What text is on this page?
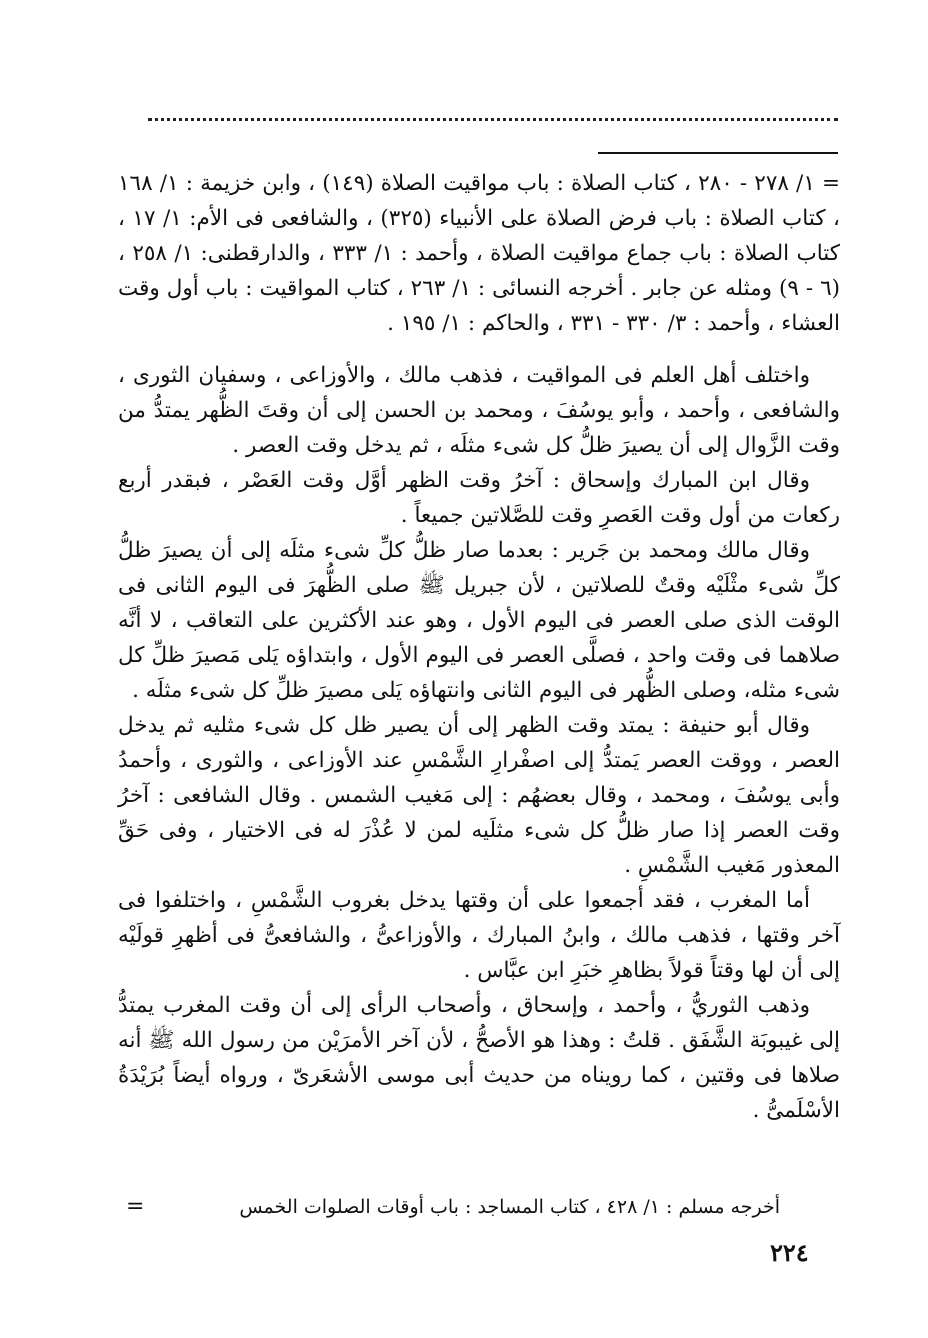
= ١/ ٢٧٨ - ٢٨٠ ، كتاب الصلاة : باب مواقيت الصلاة (١٤٩) ، وابن خزيمة : ١/ ١٦٨ ، كتاب الصلاة : باب فرض الصلاة على الأنبياء (٣٢٥) ، والشافعى فى الأم: ١/ ١٧ ، كتاب الصلاة : باب جماع مواقيت الصلاة ، وأحمد : ١/ ٣٣٣ ، والدارقطنى: ١/ ٢٥٨ ، (٦ - ٩) ومثله عن جابر . أخرجه النسائى : ١/ ٢٦٣ ، كتاب المواقيت : باب أول وقت العشاء ، وأحمد : ٣/ ٣٣٠ - ٣٣١ ، والحاكم : ١/ ١٩٥ .

واختلف أهل العلم فى المواقيت ، فذهب مالك ، والأوزاعى ، وسفيان الثورى ، والشافعى ، وأحمد ، وأبو يوسُفَ ، ومحمد بن الحسن إلى أن وقتَ الظُّهر يمتدُّ من وقت الزَّوال إلى أن يصيرَ ظلُّ كل شىء مثلَه ، ثم يدخل وقت العصر .

وقال ابن المبارك وإسحاق : آخرُ وقت الظهر أوَّل وقت العَصْر ، فبقدر أربع ركعات من أول وقت العَصرِ وقت للصَّلاتين جميعاً .

وقال مالك ومحمد بن جَرير : بعدما صار ظلُّ كلِّ شىء مثلَه إلى أن يصيرَ ظلُّ كلِّ شىء مثْلَيْه وقتٌ للصلاتين ، لأن جبريل ﷺ صلى الظُّهرَ فى اليوم الثانى فى الوقت الذى صلى العصر فى اليوم الأول ، وهو عند الأكثرين على التعاقب ، لا أنَّه صلاهما فى وقت واحد ، فصلَّى العصر فى اليوم الأول ، وابتداؤه يَلى مَصيرَ ظلِّ كل شىء مثله، وصلى الظُّهر فى اليوم الثانى وانتهاؤه يَلى مصيرَ ظلِّ كل شىء مثلَه .

وقال أبو حنيفة : يمتد وقت الظهر إلى أن يصير ظل كل شىء مثليه ثم يدخل العصر ، ووقت العصر يَمتدُّ إلى اصفْرارِ الشَّمْسِ عند الأوزاعى ، والثورى ، وأحمدُ وأبى يوسُفَ ، ومحمد ، وقال بعضهُم : إلى مَغيب الشمس . وقال الشافعى : آخرُ وقت العصر إذا صار ظلُّ كل شىء مثلَيه لمن لا عُذْرَ له فى الاختيار ، وفى حَقِّ المعذور مَغيب الشَّمْسِ .

أما المغرب ، فقد أجمعوا على أن وقتها يدخل بغروب الشَّمْسِ ، واختلفوا فى آخر وقتها ، فذهب مالك ، وابنُ المبارك ، والأوزاعىُّ ، والشافعىُّ فى أظهرِ قولَيْه إلى أن لها وقتاً قولاً بظاهرِ خبَرِ ابن عبَّاس .

وذهب الثوريُّ ، وأحمد ، وإسحاق ، وأصحاب الرأى إلى أن وقت المغرب يمتدُّ إلى غيبوبَة الشَّفَق . قلتُ : وهذا هو الأصحُّ ، لأن آخر الأمرَيْن من رسول الله ﷺ أنه صلاها فى وقتين ، كما رويناه من حديث أبى موسى الأشعَرىّ ، ورواه أيضاً بُرَيْدَةُ الأسْلَمىُّ .

أخرجه مسلم : ١/ ٤٢٨ ، كتاب المساجد : باب أوقات الصلوات الخمس
=
٢٢٤
